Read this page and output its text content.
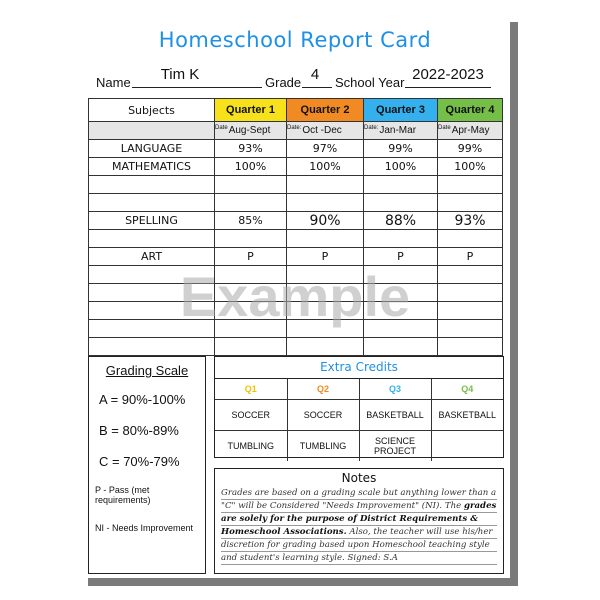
Homeschool Report Card
Name	Tim K	Grade 4	School Year 2022-2023
Subjects	Quarter 1	Quarter 2	Quarter 3	Quarter 4
	$^{Date}$Aug-Sept	$^{Date:}$Oct -Dec	$^{Date:}$Jan-Mar	$^{Date}$Apr-May
LANGUAGE	93%	97%	99%	99%
MATHEMATICS	100%	100%	100%	100%

SPELLING	85%	90%	88%	93%

ART	P	P	P	P

Example
Grading Scale
A = 90%-100%
B = 80%-89%
C = 70%-79%
P - Pass (met requirements)
NI - Needs Improvement
Extra Credits
Q1	Q2	Q3	Q4
SOCCER	SOCCER	BASKETBALL	BASKETBALL
TUMBLING	TUMBLING	SCIENCE PROJECT	
Notes
Grades are based on a grading scale but anything lower than a "C" will be Considered "Needs Improvement" (NI). The grades are solely for the purpose of District Requirements & Homeschool Associations. Also, the teacher will use his/her discretion for grading based upon Homeschool teaching style and student's learning style. Signed: S.A
